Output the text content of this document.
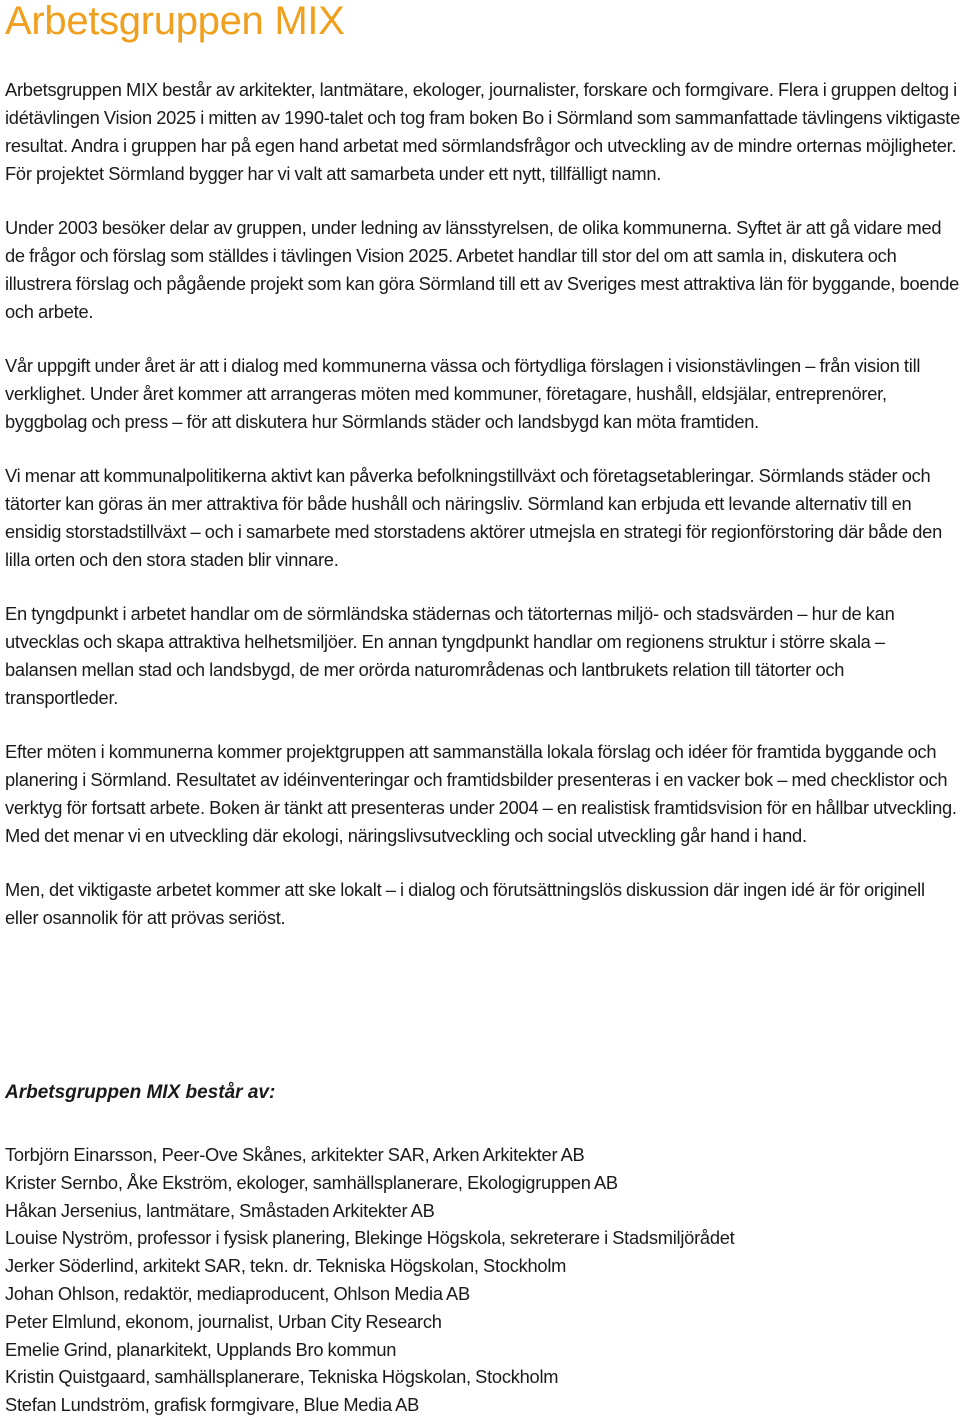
Arbetsgruppen MIX

Arbetsgruppen MIX består av arkitekter, lantmätare, ekologer, journalister, forskare och formgivare. Flera i gruppen deltog i idétävlingen Vision 2025 i mitten av 1990-talet och tog fram boken Bo i Sörmland som sammanfattade tävlingens viktigaste resultat. Andra i gruppen har på egen hand arbetat med sörmlandsfrågor och utveckling av de mindre orternas möjligheter. För projektet Sörmland bygger har vi valt att samarbeta under ett nytt, tillfälligt namn.

Under 2003 besöker delar av gruppen, under ledning av länsstyrelsen, de olika kommunerna. Syftet är att gå vidare med de frågor och förslag som ställdes i tävlingen Vision 2025. Arbetet handlar till stor del om att samla in, diskutera och illustrera förslag och pågående projekt som kan göra Sörmland till ett av Sveriges mest attraktiva län för byggande, boende och arbete.

Vår uppgift under året är att i dialog med kommunerna vässa och förtydliga förslagen i visionstävlingen – från vision till verklighet. Under året kommer att arrangeras möten med kommuner, företagare, hushåll, eldsjälar, entreprenörer, byggbolag och press – för att diskutera hur Sörmlands städer och landsbygd kan möta framtiden.

Vi menar att kommunalpolitikerna aktivt kan påverka befolkningstillväxt och företagsetableringar. Sörmlands städer och tätorter kan göras än mer attraktiva för både hushåll och näringsliv. Sörmland kan erbjuda ett levande alternativ till en ensidig storstadstillväxt – och i samarbete med storstadens aktörer utmejsla en strategi för regionförstoring där både den lilla orten och den stora staden blir vinnare.

En tyngdpunkt i arbetet handlar om de sörmländska städernas och tätorternas miljö- och stadsvärden – hur de kan utvecklas och skapa attraktiva helhetsmiljöer. En annan tyngdpunkt handlar om regionens struktur i större skala – balansen mellan stad och landsbygd, de mer orörda naturområdenas och lantbrukets relation till tätorter och transportleder.

Efter möten i kommunerna kommer projektgruppen att sammanställa lokala förslag och idéer för framtida byggande och planering i Sörmland. Resultatet av idéinventeringar och framtidsbilder presenteras i en vacker bok – med checklistor och verktyg för fortsatt arbete. Boken är tänkt att presenteras under 2004 – en realistisk framtidsvision för en hållbar utveckling. Med det menar vi en utveckling där ekologi, näringslivsutveckling och social utveckling går hand i hand.

Men, det viktigaste arbetet kommer att ske lokalt – i dialog och förutsättningslös diskussion där ingen idé är för originell eller osannolik för att prövas seriöst.

Arbetsgruppen MIX består av:
Torbjörn Einarsson, Peer-Ove Skånes, arkitekter SAR, Arken Arkitekter AB
Krister Sernbo, Åke Ekström, ekologer, samhällsplanerare, Ekologigruppen AB
Håkan Jersenius, lantmätare, Småstaden Arkitekter AB
Louise Nyström, professor i fysisk planering, Blekinge Högskola, sekreterare i Stadsmiljörådet
Jerker Söderlind, arkitekt SAR, tekn. dr. Tekniska Högskolan, Stockholm
Johan Ohlson, redaktör, mediaproducent, Ohlson Media AB
Peter Elmlund, ekonom, journalist, Urban City Research
Emelie Grind, planarkitekt, Upplands Bro kommun
Kristin Quistgaard, samhällsplanerare, Tekniska Högskolan, Stockholm
Stefan Lundström, grafisk formgivare, Blue Media AB
